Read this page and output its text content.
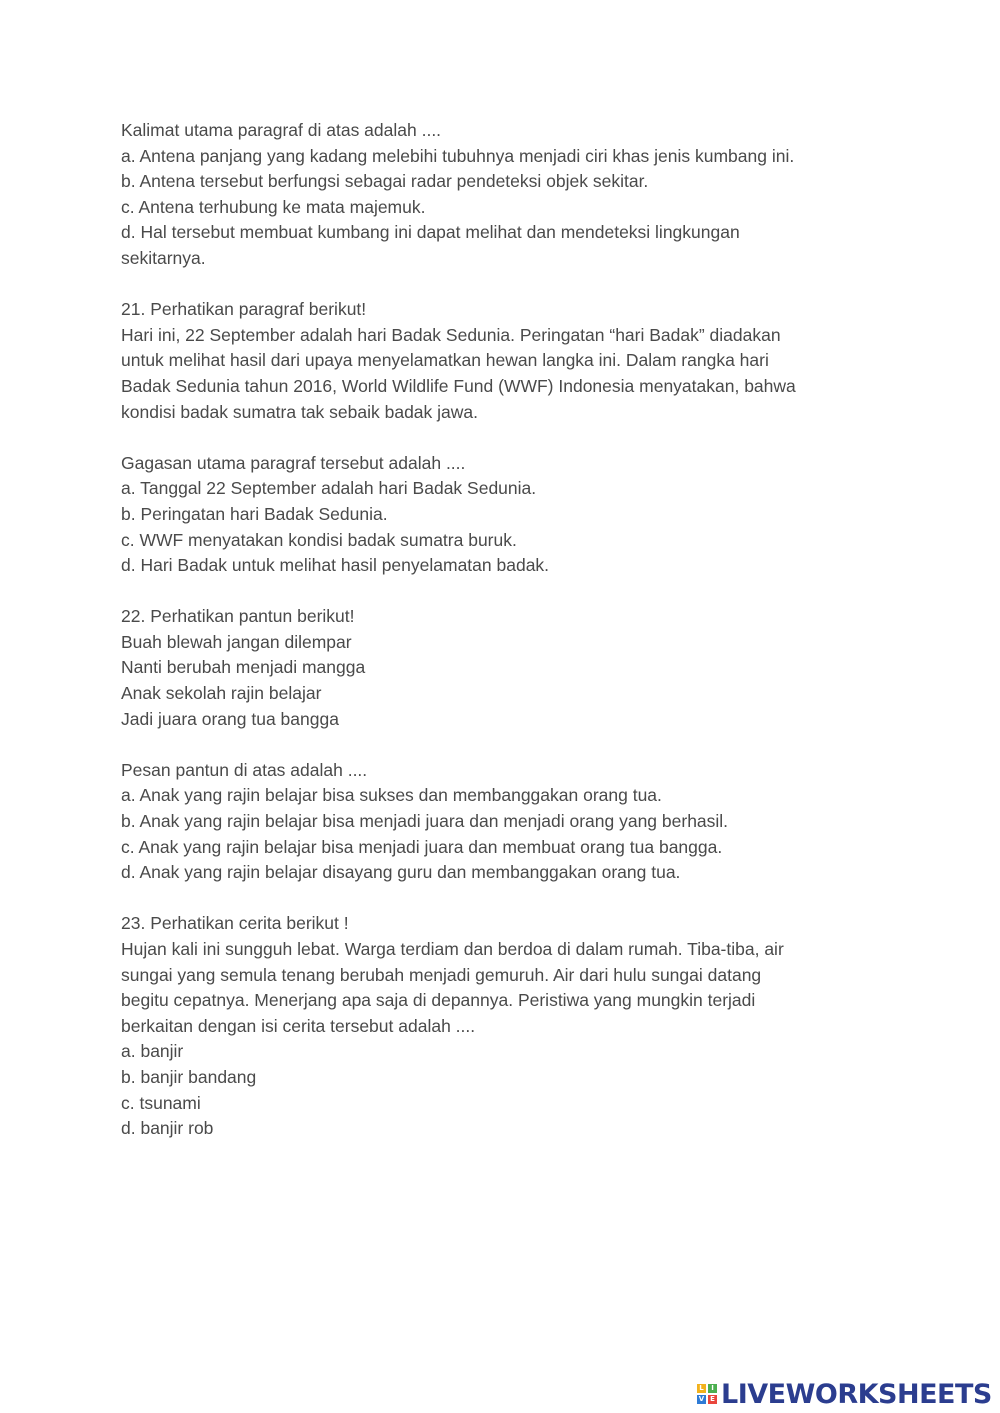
Kalimat utama paragraf di atas adalah ....
a. Antena panjang yang kadang melebihi tubuhnya menjadi ciri khas jenis kumbang ini.
b. Antena tersebut berfungsi sebagai radar pendeteksi objek sekitar.
c. Antena terhubung ke mata majemuk.
d. Hal tersebut membuat kumbang ini dapat melihat dan mendeteksi lingkungan
sekitarnya.
21. Perhatikan paragraf berikut!
Hari ini, 22 September adalah hari Badak Sedunia. Peringatan “hari Badak” diadakan
untuk melihat hasil dari upaya menyelamatkan hewan langka ini. Dalam rangka hari
Badak Sedunia tahun 2016, World Wildlife Fund (WWF) Indonesia menyatakan, bahwa
kondisi badak sumatra tak sebaik badak jawa.
Gagasan utama paragraf tersebut adalah ....
a. Tanggal 22 September adalah hari Badak Sedunia.
b. Peringatan hari Badak Sedunia.
c. WWF menyatakan kondisi badak sumatra buruk.
d. Hari Badak untuk melihat hasil penyelamatan badak.
22. Perhatikan pantun berikut!
Buah blewah jangan dilempar
Nanti berubah menjadi mangga
Anak sekolah rajin belajar
Jadi juara orang tua bangga
Pesan pantun di atas adalah ....
a. Anak yang rajin belajar bisa sukses dan membanggakan orang tua.
b. Anak yang rajin belajar bisa menjadi juara dan menjadi orang yang berhasil.
c. Anak yang rajin belajar bisa menjadi juara dan membuat orang tua bangga.
d. Anak yang rajin belajar disayang guru dan membanggakan orang tua.
23. Perhatikan cerita berikut !
Hujan kali ini sungguh lebat. Warga terdiam dan berdoa di dalam rumah. Tiba-tiba, air
sungai yang semula tenang berubah menjadi gemuruh. Air dari hulu sungai datang
begitu cepatnya. Menerjang apa saja di depannya. Peristiwa yang mungkin terjadi
berkaitan dengan isi cerita tersebut adalah ....
a. banjir
b. banjir bandang
c. tsunami
d. banjir rob
L	I
V E LIVEWORKSHEETS
